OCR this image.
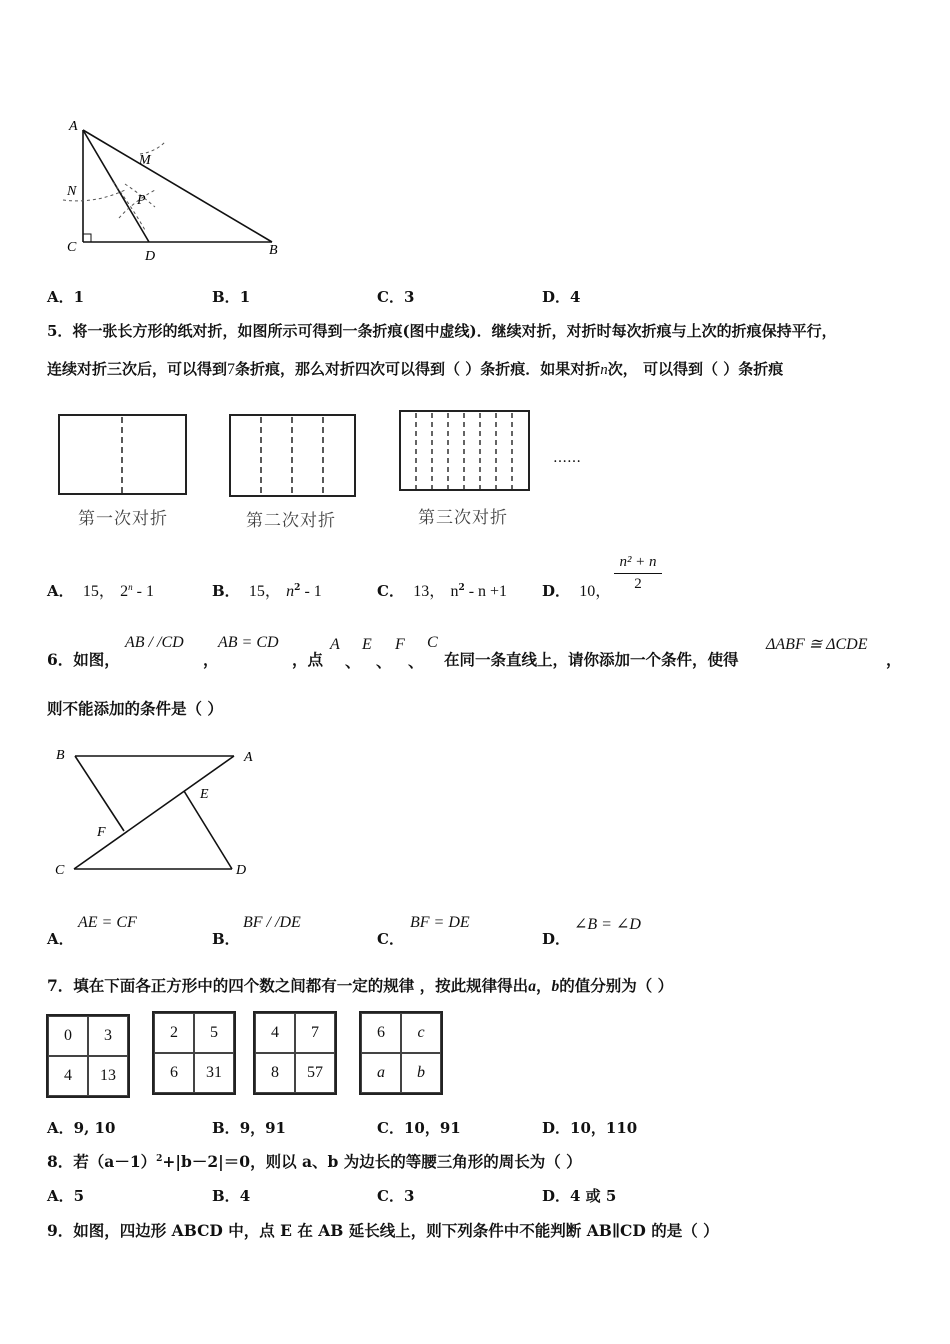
A
M
N
P
C
D	B
A．1	B．1	C．3	D．4
5．将一张长方形的纸对折，如图所示可得到一条折痕(图中虚线)．继续对折，对折时每次折痕与上次的折痕保持平行，
连续对折三次后，可以得到7条折痕，那么对折四次可以得到（ ）条折痕．如果对折n次， 可以得到（ ）条折痕
第一次对折	第二次对折	第三次对折
……
A． 15， 2$^n$ - 1	B． 15， $n^2 - 1$	C． 13， $n^2 - n +1$ D． 10， $\frac{\text{n² + n}}{2}$
6．如图，
AB / /CD
，
AB = CD
，点
A
、
E
、
F
、
C
在同一条直线上，请你添加一个条件，使得
ΔABF ≅ ΔCDE
，
则不能添加的条件是（ ）
B	A
E
F
C	D
A．
AE = CF
B．
BF / /DE
C．
BF = DE
D．
∠B = ∠D
7．填在下面各正方形中的四个数之间都有一定的规律 ，按此规律得出a，b的值分别为（ ）
0	3
4	13
2	5
6	31
4	7
8	57
6	c
a	b
A．9, 10	B．9，91	C．10，91	D．10，110
8．若$(a-1)^2+|b-2|=0$，则以 a、b 为边长的等腰三角形的周长为（ ）
A．5	B．4	C．3	D．4 或 5
9．如图，四边形 ABCD 中，点 E 在 AB 延长线上，则下列条件中不能判断 AB∥CD 的是（ ）
